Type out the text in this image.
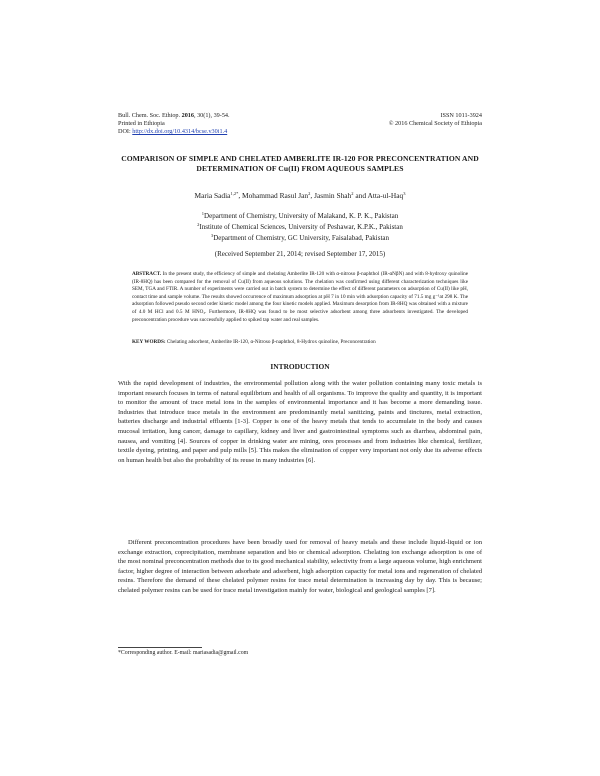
Bull. Chem. Soc. Ethiop. 2016, 30(1), 39-54.
Printed in Ethiopia
DOI: http://dx.doi.org/10.4314/bcse.v30i1.4
ISSN 1011-3924
© 2016 Chemical Society of Ethiopia
COMPARISON OF SIMPLE AND CHELATED AMBERLITE IR-120 FOR PRECONCENTRATION AND DETERMINATION OF Cu(II) FROM AQUEOUS SAMPLES
Maria Sadia$^{1,2*}$, Mohammad Rasul Jan$^2$, Jasmin Shah$^2$ and Atta-ul-Haq$^3$
$^1$Department of Chemistry, University of Malakand, K. P. K., Pakistan
$^2$Institute of Chemical Sciences, University of Peshawar, K.P.K., Pakistan
$^3$Department of Chemistry, GC University, Faisalabad, Pakistan
(Received September 21, 2014; revised September 17, 2015)
ABSTRACT. In the present study, the efficiency of simple and chelating Amberlite IR-120 with α-nitroso β-naphthol (IR-αNβN) and with 8-hydroxy quinoline (IR-8HQ) has been compared for the removal of Cu(II) from aqueous solutions. The chelation was confirmed using different characterization techniques like SEM, TGA and FTIR. A number of experiments were carried out in batch system to determine the effect of different parameters on adsorption of Cu(II) like pH, contact time and sample volume. The results showed occurrence of maximum adsorption at pH 7 in 10 min with adsorption capacity of 71.5 mg g⁻¹at 298 K. The adsorption followed pseudo second order kinetic model among the four kinetic models applied. Maximum desorption from IR-8HQ was obtained with a mixture of 4.0 M HCl and 0.5 M HNO₃. Furthermore, IR-8HQ was found to be most selective adsorbent among three adsorbents investigated. The developed preconcentration procedure was successfully applied to spiked tap water and real samples.
KEY WORDS: Chelating adsorbent, Amberlite IR-120, α-Nitroso β-naphthol, 8-Hydrox quinoline, Preconcentration
INTRODUCTION
With the rapid development of industries, the environmental pollution along with the water pollution containing many toxic metals is important research focuses in terms of natural equilibrium and health of all organisms. To improve the quality and quantity, it is important to monitor the amount of trace metal ions in the samples of environmental importance and it has become a more demanding issue. Industries that introduce trace metals in the environment are predominantly metal sanitizing, paints and tinctures, metal extraction, batteries discharge and industrial effluents [1-3]. Copper is one of the heavy metals that tends to accumulate in the body and causes mucosal irritation, lung cancer, damage to capillary, kidney and liver and gastrointestinal symptoms such as diarrhea, abdominal pain, nausea, and vomiting [4]. Sources of copper in drinking water are mining, ores processes and from industries like chemical, fertilizer, textile dyeing, printing, and paper and pulp mills [5]. This makes the elimination of copper very important not only due its adverse effects on human health but also the probability of its reuse in many industries [6].
Different preconcentration procedures have been broadly used for removal of heavy metals and these include liquid-liquid or ion exchange extraction, coprecipitation, membrane separation and bio or chemical adsorption. Chelating ion exchange adsorption is one of the most nominal preconcentration methods due to its good mechanical stability, selectivity from a large aqueous volume, high enrichment factor, higher degree of interaction between adsorbate and adsorbent, high adsorption capacity for metal ions and regeneration of chelated resins. Therefore the demand of these chelated polymer resins for trace metal determination is increasing day by day. This is because; chelated polymer resins can be used for trace metal investigation mainly for water, biological and geological samples [7].
*Corresponding author. E-mail: mariasadia@gmail.com
